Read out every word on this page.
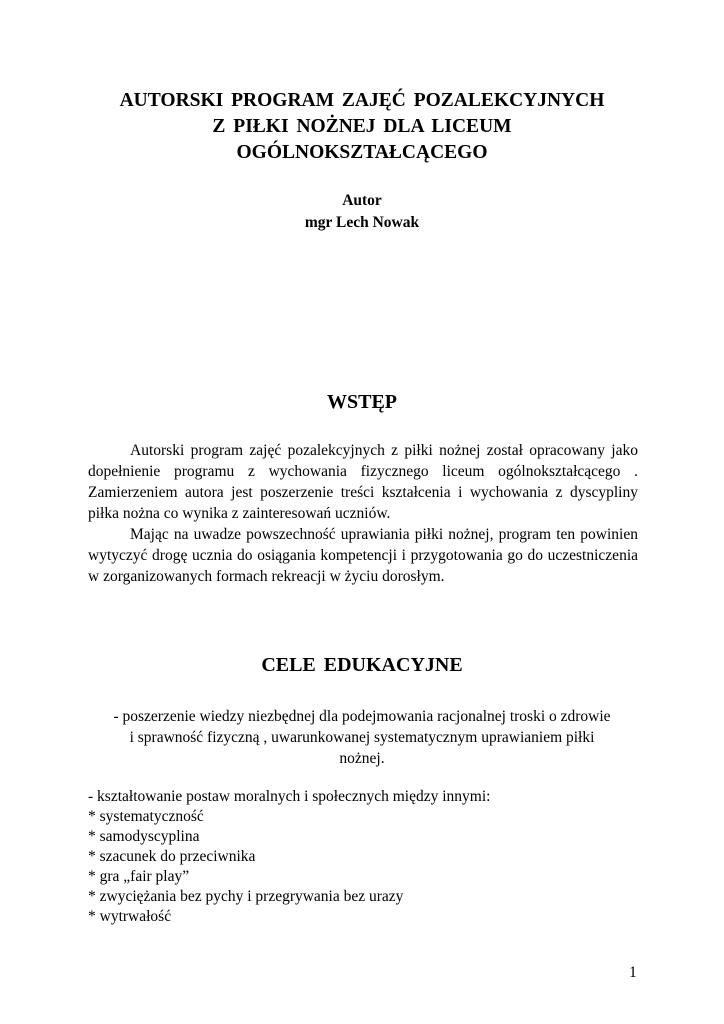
AUTORSKI PROGRAM ZAJĘĆ POZALEKCYJNYCH
Z PIŁKI NOŻNEJ DLA LICEUM
OGÓLNOKSZTAŁCĄCEGO
Autor
mgr Lech Nowak
WSTĘP

Autorski program zajęć pozalekcyjnych z piłki nożnej został opracowany jako dopełnienie programu z wychowania fizycznego liceum ogólnokształcącego . Zamierzeniem autora jest poszerzenie treści kształcenia i wychowania z dyscypliny piłka nożna co wynika z zainteresowań uczniów.

Mając na uwadze powszechność uprawiania piłki nożnej, program ten powinien wytyczyć drogę ucznia do osiągania kompetencji i przygotowania go do uczestniczenia w zorganizowanych formach rekreacji w życiu dorosłym.

CELE EDUKACYJNE
- poszerzenie wiedzy niezbędnej dla podejmowania racjonalnej troski o zdrowie
i sprawność fizyczną , uwarunkowanej systematycznym uprawianiem piłki
nożnej.
- kształtowanie postaw moralnych i społecznych między innymi:
* systematyczność
* samodyscyplina
* szacunek do przeciwnika
* gra „fair play”
* zwyciężania bez pychy i przegrywania bez urazy
* wytrwałość
1
